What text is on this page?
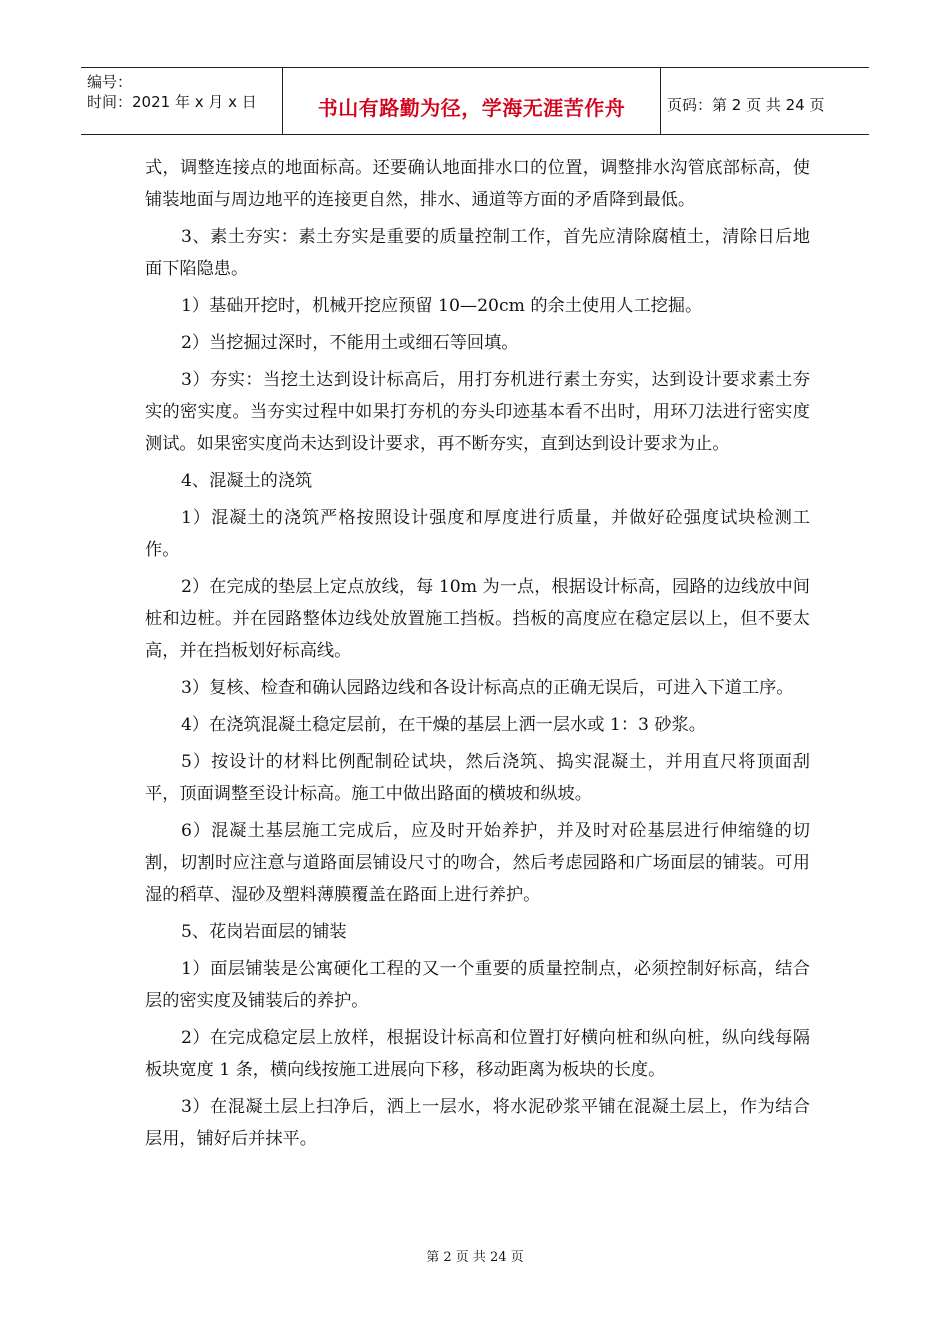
编号：
时间：2021 年 x 月 x 日	书山有路勤为径，学海无涯苦作舟	页码：第 2 页 共 24 页

式，调整连接点的地面标高。还要确认地面排水口的位置，调整排水沟管底部标高，使铺装地面与周边地平的连接更自然，排水、通道等方面的矛盾降到最低。

3、素土夯实：素土夯实是重要的质量控制工作，首先应清除腐植土，清除日后地面下陷隐患。

1）基础开挖时，机械开挖应预留 10—20cm 的余土使用人工挖掘。

2）当挖掘过深时，不能用土或细石等回填。

3）夯实：当挖土达到设计标高后，用打夯机进行素土夯实，达到设计要求素土夯实的密实度。当夯实过程中如果打夯机的夯头印迹基本看不出时，用环刀法进行密实度测试。如果密实度尚未达到设计要求，再不断夯实，直到达到设计要求为止。

4、混凝土的浇筑

1）混凝土的浇筑严格按照设计强度和厚度进行质量，并做好砼强度试块检测工作。

2）在完成的垫层上定点放线，每 10m 为一点，根据设计标高，园路的边线放中间桩和边桩。并在园路整体边线处放置施工挡板。挡板的高度应在稳定层以上，但不要太高，并在挡板划好标高线。

3）复核、检查和确认园路边线和各设计标高点的正确无误后，可进入下道工序。

4）在浇筑混凝土稳定层前，在干燥的基层上洒一层水或 1：3 砂浆。

5）按设计的材料比例配制砼试块，然后浇筑、捣实混凝土，并用直尺将顶面刮平，顶面调整至设计标高。施工中做出路面的横坡和纵坡。

6）混凝土基层施工完成后，应及时开始养护，并及时对砼基层进行伸缩缝的切割，切割时应注意与道路面层铺设尺寸的吻合，然后考虑园路和广场面层的铺装。可用湿的稻草、湿砂及塑料薄膜覆盖在路面上进行养护。

5、花岗岩面层的铺装

1）面层铺装是公寓硬化工程的又一个重要的质量控制点，必须控制好标高，结合层的密实度及铺装后的养护。

2）在完成稳定层上放样，根据设计标高和位置打好横向桩和纵向桩，纵向线每隔板块宽度 1 条，横向线按施工进展向下移，移动距离为板块的长度。

3）在混凝土层上扫净后，洒上一层水，将水泥砂浆平铺在混凝土层上，作为结合层用，铺好后并抹平。

第 2 页 共 24 页
